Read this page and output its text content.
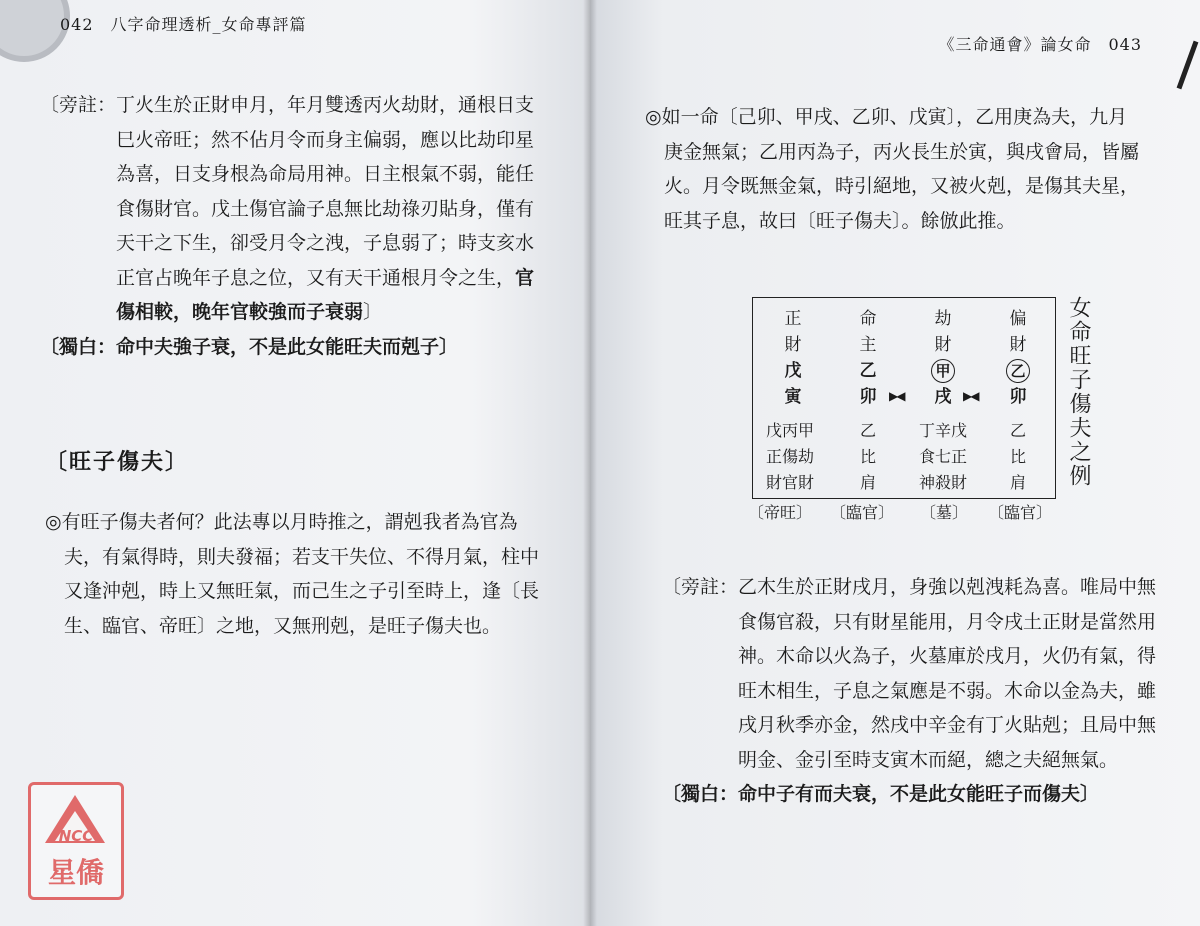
042　八字命理透析_女命專評篇

〔旁註：丁火生於正財申月，年月雙透丙火劫財，通根日支

　　　　巳火帝旺；然不佔月令而身主偏弱，應以比劫印星

　　　　為喜，日支身根為命局用神。日主根氣不弱，能任

　　　　食傷財官。戊土傷官論子息無比劫祿刃貼身，僅有

　　　　天干之下生，卻受月令之洩，子息弱了；時支亥水

　　　　正官占晚年子息之位，又有天干通根月令之生，官

　　　　傷相較，晚年官較強而子衰弱〕

〔獨白：命中夫強子衰，不是此女能旺夫而剋子〕

〔旺子傷夫〕

◎有旺子傷夫者何？此法專以月時推之，謂剋我者為官為

　夫，有氣得時，則夫發福；若支干失位、不得月氣，柱中

　又逢沖剋，時上又無旺氣，而己生之子引至時上，逢〔長

　生、臨官、帝旺〕之地，又無刑剋，是旺子傷夫也。

NCC
星僑
《三命通會》論女命　043

◎如一命〔己卯、甲戌、乙卯、戊寅〕，乙用庚為夫，九月

　庚金無氣；乙用丙為子，丙火長生於寅，與戌會局，皆屬

　火。月令既無金氣，時引絕地，又被火剋，是傷其夫星，

　旺其子息，故曰〔旺子傷夫〕。餘倣此推。

正
財
戊
寅
命
主
乙
卯
劫
財
甲
戌
偏
財
乙
卯
▶◀	▶◀
戊丙甲
正傷劫
財官財
乙
比
肩
丁辛戊
食七正
神殺財
乙
比
肩
〔帝旺〕 〔臨官〕 〔墓〕 〔臨官〕
女命旺子傷夫之例

〔旁註：乙木生於正財戌月，身強以剋洩耗為喜。唯局中無

　　　　食傷官殺，只有財星能用，月令戌土正財是當然用

　　　　神。木命以火為子，火墓庫於戌月，火仍有氣，得

　　　　旺木相生，子息之氣應是不弱。木命以金為夫，雖

　　　　戌月秋季亦金，然戌中辛金有丁火貼剋；且局中無

　　　　明金、金引至時支寅木而絕，總之夫絕無氣。

〔獨白：命中子有而夫衰，不是此女能旺子而傷夫〕
